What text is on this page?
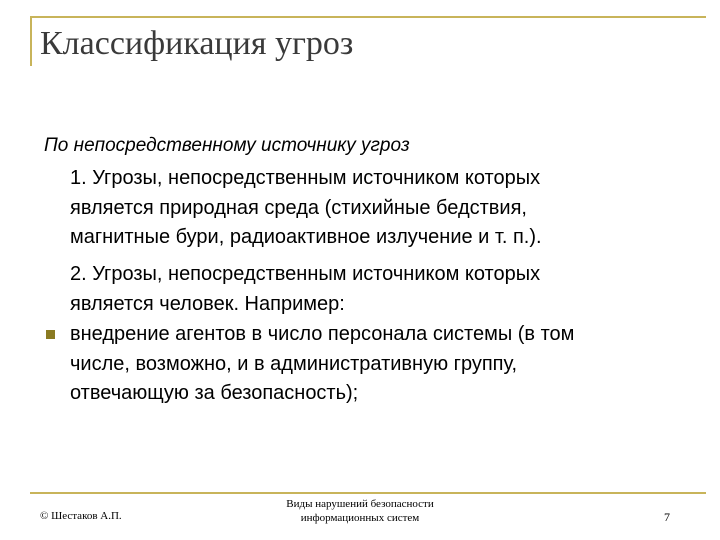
Классификация угроз
По непосредственному источнику угроз
1. Угрозы, непосредственным источником которых
является природная среда (стихийные бедствия,
магнитные бури, радиоактивное излучение и т. п.).
2. Угрозы, непосредственным источником которых
является человек. Например:
внедрение агентов в число персонала системы (в том
числе, возможно, и в административную группу,
отвечающую за безопасность);
© Шестаков А.П.
Виды нарушений безопасности
информационных систем	7
